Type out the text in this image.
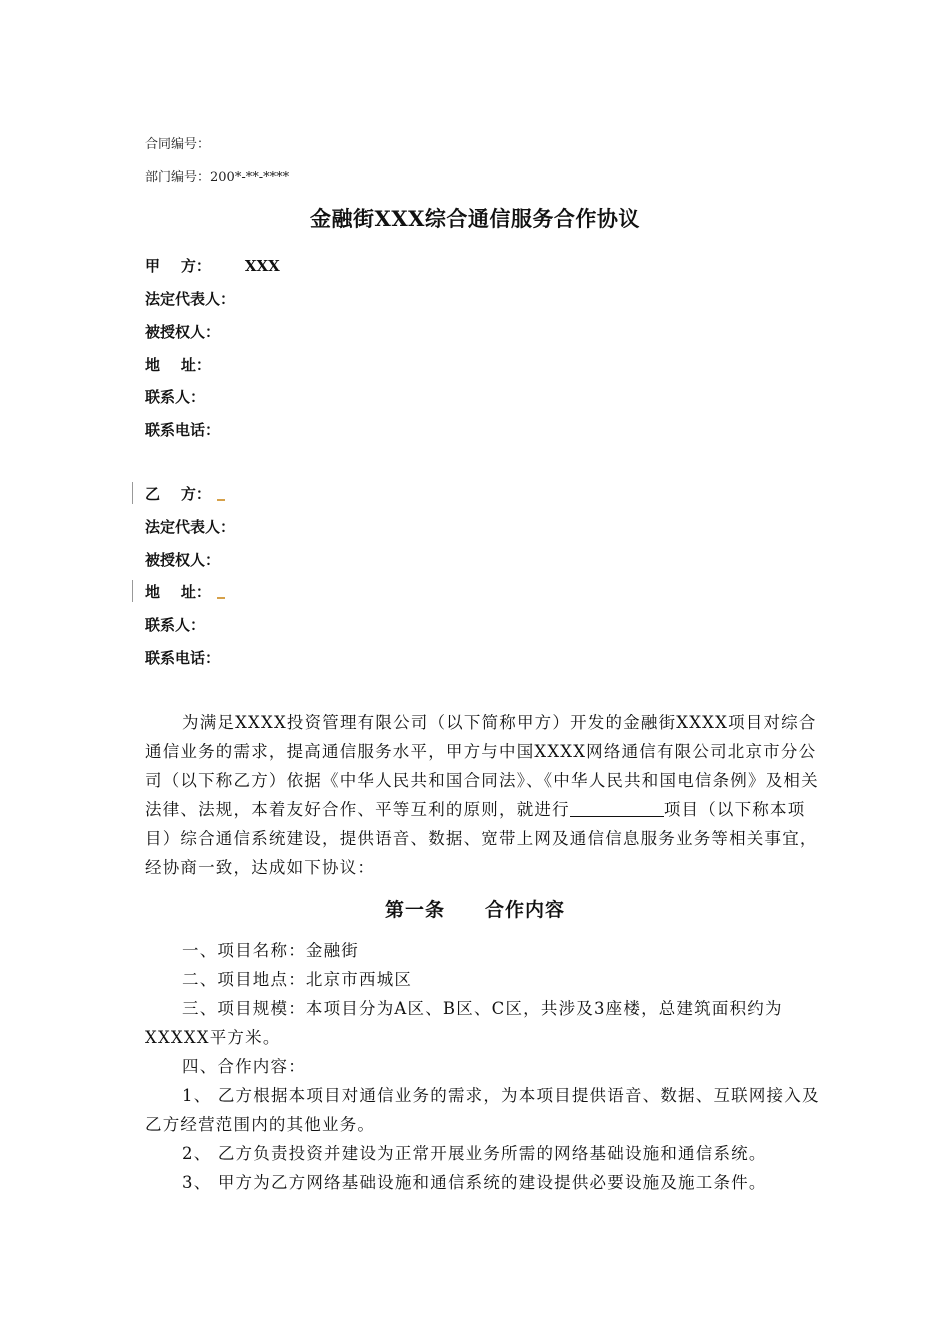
合同编号：
部门编号：200*-**-****
金融街XXX综合通信服务合作协议
甲    方： XXX
法定代表人：
被授权人：
地    址：
联系人：
联系电话：
乙    方：
法定代表人：
被授权人：
地    址：
联系人：
联系电话：

为满足XXXX投资管理有限公司（以下简称甲方）开发的金融街XXXX项目对综合通信业务的需求，提高通信服务水平，甲方与中国XXXX网络通信有限公司北京市分公司（以下称乙方）依据《中华人民共和国合同法》、《中华人民共和国电信条例》及相关法律、法规，本着友好合作、平等互利的原则，就进行	项目（以下称本项目）综合通信系统建设，提供语音、数据、宽带上网及通信信息服务业务等相关事宜，经协商一致，达成如下协议：

第一条 合作内容

一、项目名称：金融街

二、项目地点：北京市西城区

三、项目规模：本项目分为A区、B区、C区，共涉及3座楼，总建筑面积约为XXXXX平方米。

四、合作内容：

1、 乙方根据本项目对通信业务的需求，为本项目提供语音、数据、互联网接入及乙方经营范围内的其他业务。

2、 乙方负责投资并建设为正常开展业务所需的网络基础设施和通信系统。

3、 甲方为乙方网络基础设施和通信系统的建设提供必要设施及施工条件。
